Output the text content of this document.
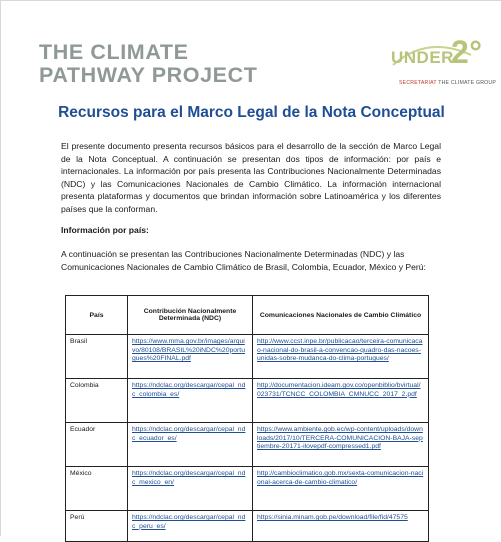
THE CLIMATE
PATHWAY PROJECT
UNDER
2°
SECRETARIAT THE CLIMATE GROUP
Recursos para el Marco Legal de la Nota Conceptual
El presente documento presenta recursos básicos para el desarrollo de la sección de Marco Legal de la Nota Conceptual. A continuación se presentan dos tipos de información: por país e internacionales. La información por país presenta las Contribuciones Nacionalmente Determinadas (NDC) y las Comunicaciones Nacionales de Cambio Climático. La información internacional presenta plataformas y documentos que brindan información sobre Latinoamérica y los diferentes países que la conforman.
Información por país:
A continuación se presentan las Contribuciones Nacionalmente Determinadas (NDC) y las Comunicaciones Nacionales de Cambio Climático de Brasil, Colombia, Ecuador, México y Perú:
País	Contribución Nacionalmente Determinada (NDC)	Comunicaciones Nacionales de Cambio Climático
Brasil	https://www.mma.gov.br/images/arquivo/80108/BRASIL%20iNDC%20portugues%20FINAL.pdf	http://www.ccst.inpe.br/publicacao/terceira-comunicacao-nacional-do-brasil-a-convencao-quadro-das-nacoes-unidas-sobre-mudanca-do-clima-portugues/

Colombia	https://ndclac.org/descargar/cepal_ndc_colombia_es/	http://documentacion.ideam.gov.co/openbiblio/bvirtual/023731/TCNCC_COLOMBIA_CMNUCC_2017_2.pdf

Ecuador	https://ndclac.org/descargar/cepal_ndc_ecuador_es/	https://www.ambiente.gob.ec/wp-content/uploads/downloads/2017/10/TERCERA-COMUNICACION-BAJA-septiembre-20171-ilovepdf-compressed1.pdf

México	https://ndclac.org/descargar/cepal_ndc_mexico_en/	http://cambioclimatico.gob.mx/sexta-comunicacion-nacional-acerca-de-cambio-climatico/

Perú	https://ndclac.org/descargar/cepal_ndc_peru_es/	https://sinia.minam.gob.pe/download/file/fid/47575
